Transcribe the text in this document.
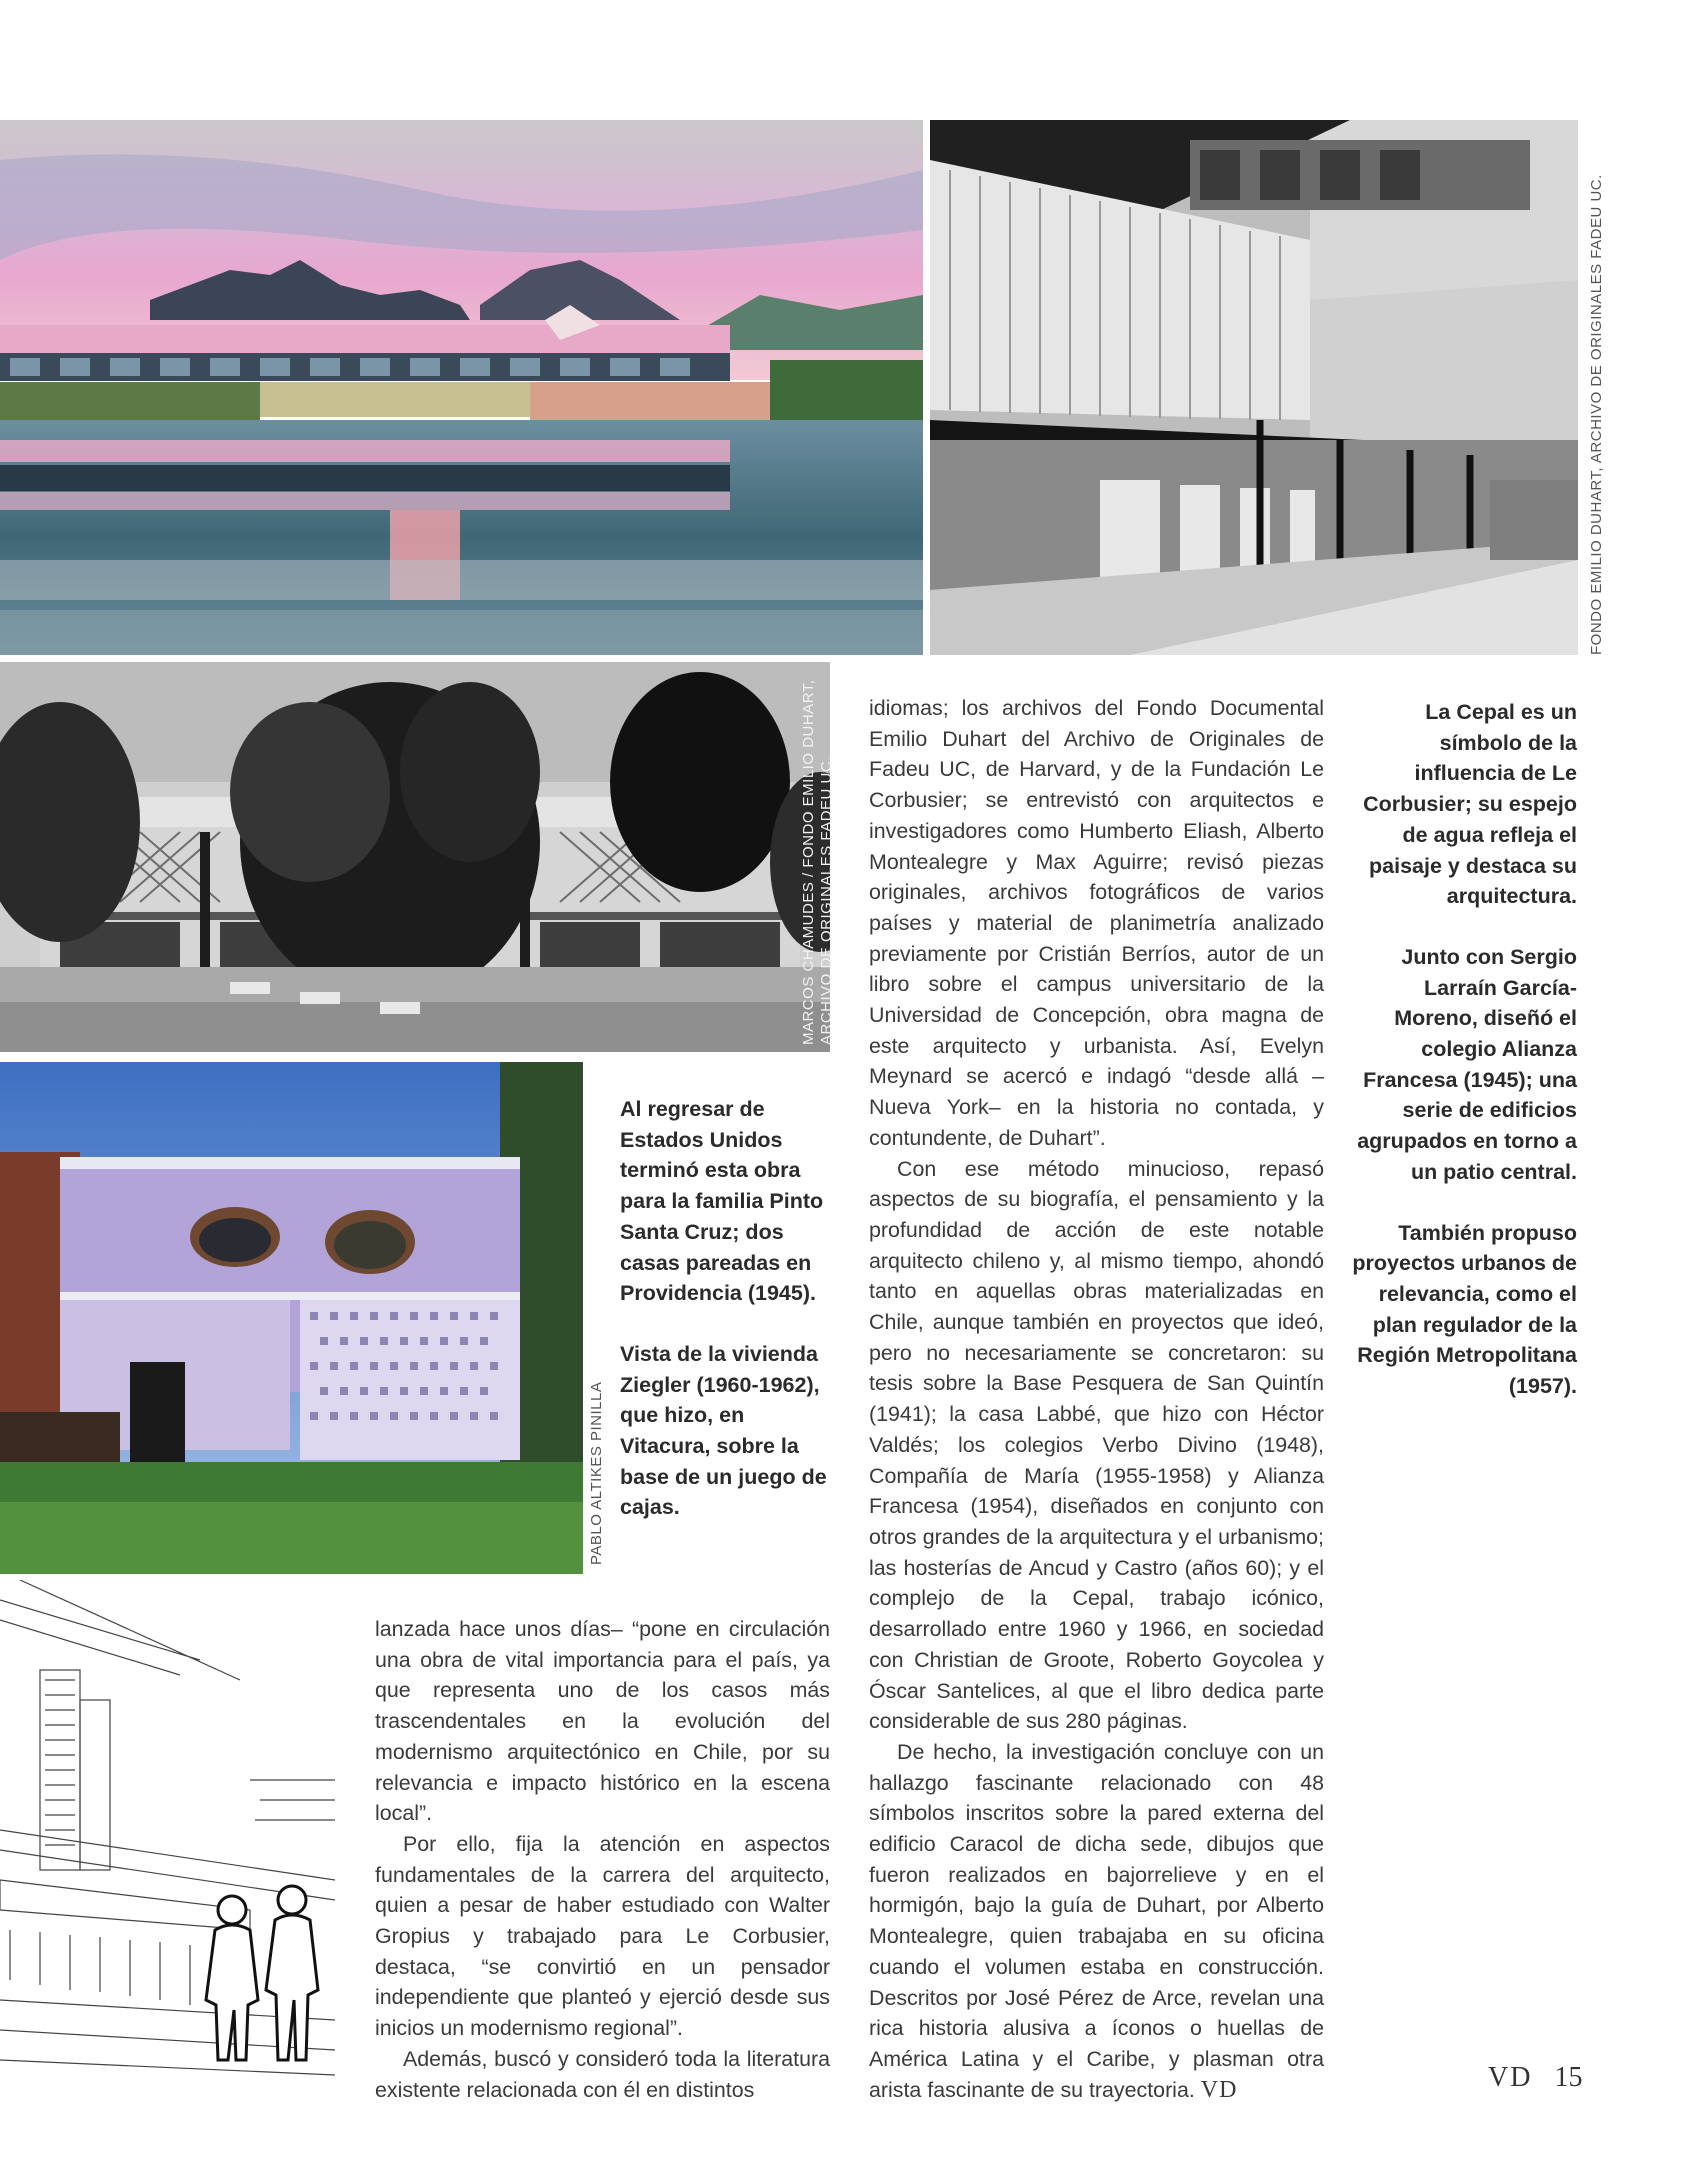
FONDO EMILIO DUHART, ARCHIVO DE ORIGINALES FADEU UC.
MARCOS CHAMUDES / FONDO EMILIO DUHART, ARCHIVO DE ORIGINALES FADEU UC.
PABLO ALTIKES PINILLA

Al regresar de Estados Unidos terminó esta obra para la familia Pinto Santa Cruz; dos casas pareadas en Providencia (1945).

Vista de la vivienda Ziegler (1960-1962), que hizo, en Vitacura, sobre la base de un juego de cajas.

La Cepal es un símbolo de la influencia de Le Corbusier; su espejo de agua refleja el paisaje y destaca su arquitectura.

Junto con Sergio Larraín García-Moreno, diseñó el colegio Alianza Francesa (1945); una serie de edificios agrupados en torno a un patio central.

También propuso proyectos urbanos de relevancia, como el plan regulador de la Región Metropolitana (1957).

lanzada hace unos días– “pone en circulación una obra de vital importancia para el país, ya que representa uno de los casos más trascendentales en la evolución del modernismo arquitectónico en Chile, por su relevancia e impacto histórico en la escena local”.

Por ello, fija la atención en aspectos fundamentales de la carrera del arquitecto, quien a pesar de haber estudiado con Walter Gropius y trabajado para Le Corbusier, destaca, “se convirtió en un pensador independiente que planteó y ejerció desde sus inicios un modernismo regional”.

Además, buscó y consideró toda la literatura existente relacionada con él en distintos

idiomas; los archivos del Fondo Documental Emilio Duhart del Archivo de Originales de Fadeu UC, de Harvard, y de la Fundación Le Corbusier; se entrevistó con arquitectos e investigadores como Humberto Eliash, Alberto Montealegre y Max Aguirre; revisó piezas originales, archivos fotográficos de varios países y material de planimetría analizado previamente por Cristián Berríos, autor de un libro sobre el campus universitario de la Universidad de Concepción, obra magna de este arquitecto y urbanista. Así, Evelyn Meynard se acercó e indagó “desde allá –Nueva York– en la historia no contada, y contundente, de Duhart”.

Con ese método minucioso, repasó aspectos de su biografía, el pensamiento y la profundidad de acción de este notable arquitecto chileno y, al mismo tiempo, ahondó tanto en aquellas obras materializadas en Chile, aunque también en proyectos que ideó, pero no necesariamente se concretaron: su tesis sobre la Base Pesquera de San Quintín (1941); la casa Labbé, que hizo con Héctor Valdés; los colegios Verbo Divino (1948), Compañía de María (1955-1958) y Alianza Francesa (1954), diseñados en conjunto con otros grandes de la arquitectura y el urbanismo; las hosterías de Ancud y Castro (años 60); y el complejo de la Cepal, trabajo icónico, desarrollado entre 1960 y 1966, en sociedad con Christian de Groote, Roberto Goycolea y Óscar Santelices, al que el libro dedica parte considerable de sus 280 páginas.

De hecho, la investigación concluye con un hallazgo fascinante relacionado con 48 símbolos inscritos sobre la pared externa del edificio Caracol de dicha sede, dibujos que fueron realizados en bajorrelieve y en el hormigón, bajo la guía de Duhart, por Alberto Montealegre, quien trabajaba en su oficina cuando el volumen estaba en construcción. Descritos por José Pérez de Arce, revelan una rica historia alusiva a íconos o huellas de América Latina y el Caribe, y plasman otra arista fascinante de su trayectoria. VD	VD 15
